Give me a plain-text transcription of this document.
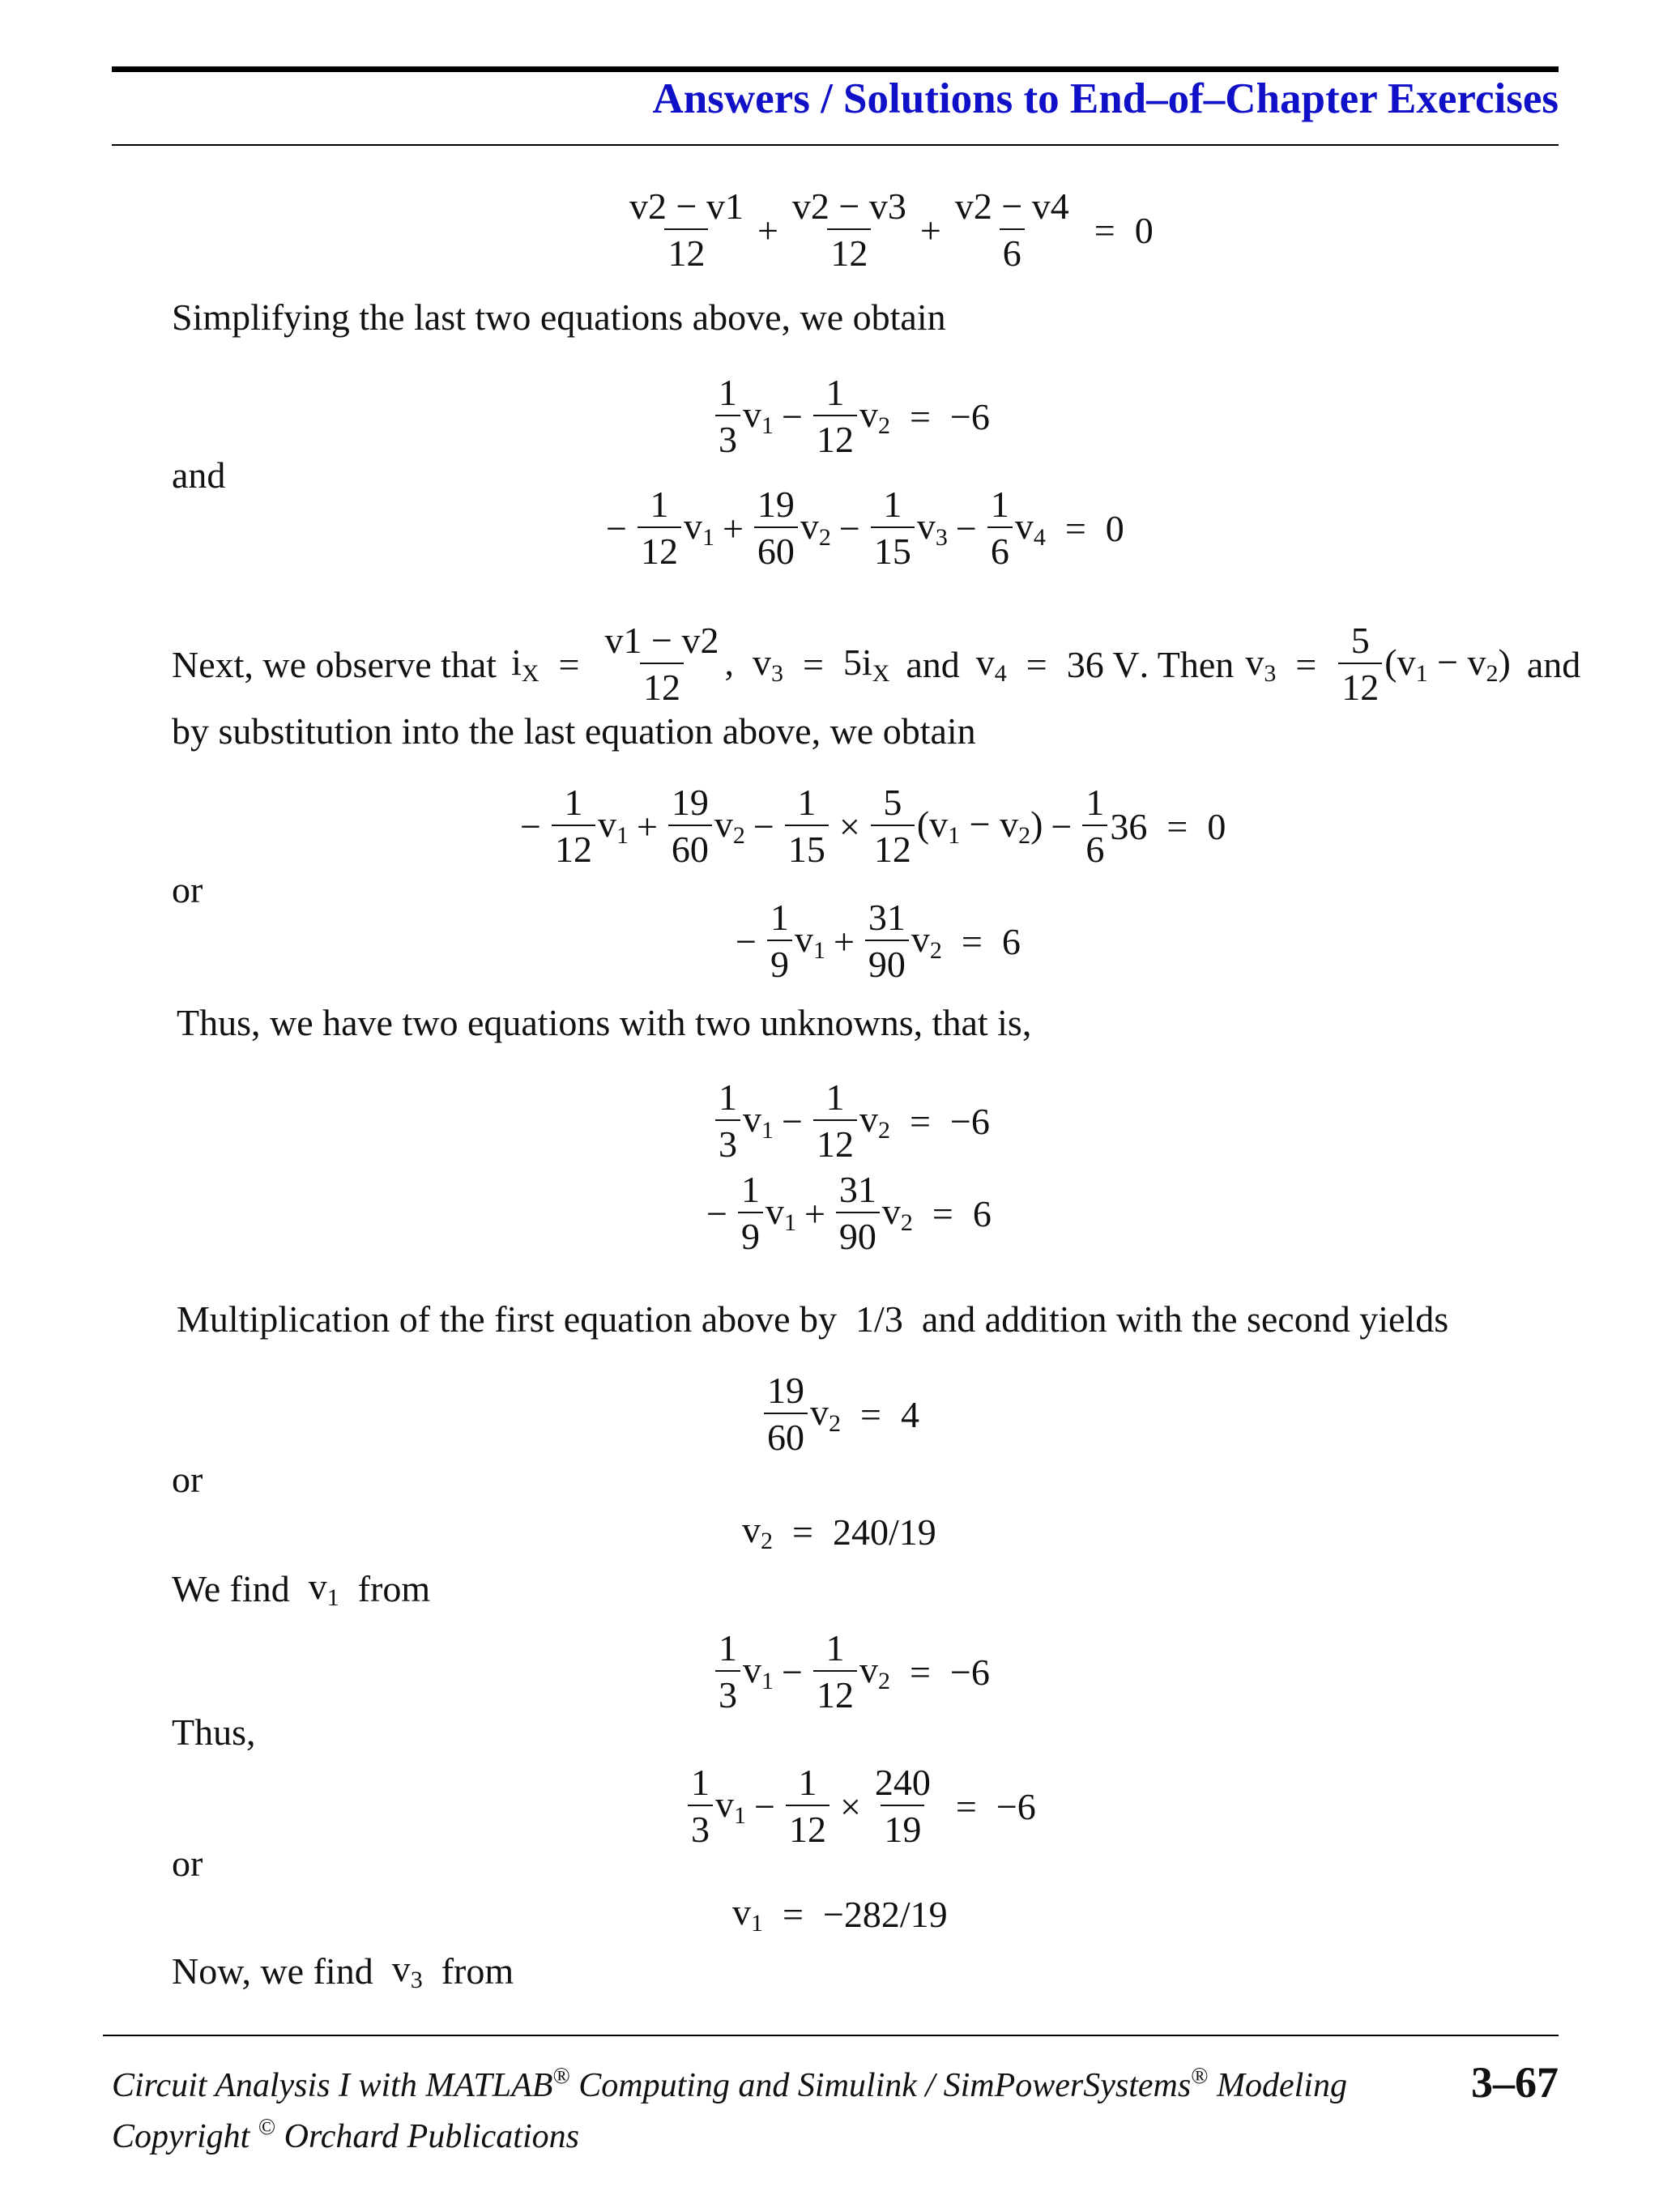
Answers / Solutions to End–of–Chapter Exercises
$\frac{v2 - v1}{12} + \frac{v2 - v3}{12} + \frac{v2 - v4}{6} = 0$
Simplifying the last two equations above, we obtain
$\frac{1}{3} v_1 - \frac{1}{12} v_2 = -6$
and
− $\frac{1}{12} v_1 + \frac{19}{60} v_2 - \frac{1}{15} v_3 - \frac{1}{6} v_4 = 0$
Next, we observe that $i_X = \frac{v1 - v2}{12}$ ,  $v_3 = 5i_X$ and $v_4 = 36$ V . Then $v_3 = \frac{5}{12} (v_1 - v_2)$ and
by substitution into the last equation above, we obtain
− $\frac{1}{12} v_1 + \frac{19}{60} v_2 - \frac{1}{15} \times \frac{5}{12} (v_1 - v_2) - \frac{1}{6} 36 = 0$
or
− $\frac{1}{9} v_1 + \frac{31}{90} v_2 = 6$
Thus, we have two equations with two unknowns, that is,
$\frac{1}{3} v_1 - \frac{1}{12} v_2 = -6$
− $\frac{1}{9} v_1 + \frac{31}{90} v_2 = 6$
Multiplication of the first equation above by 1/3 and addition with the second yields
$\frac{19}{60} v_2 = 4$
or
$v_2 = 240/19$
We find
$v_1$
from
$\frac{1}{3} v_1 - \frac{1}{12} v_2 = -6$
Thus,
$\frac{1}{3} v_1 - \frac{1}{12} \times \frac{240}{19} = -6$
or
$v_1 = -282/19$
Now, we find
$v_3$
from
Circuit Analysis I with MATLAB® Computing and Simulink / SimPowerSystems® Modeling
Copyright © Orchard Publications
3–67
